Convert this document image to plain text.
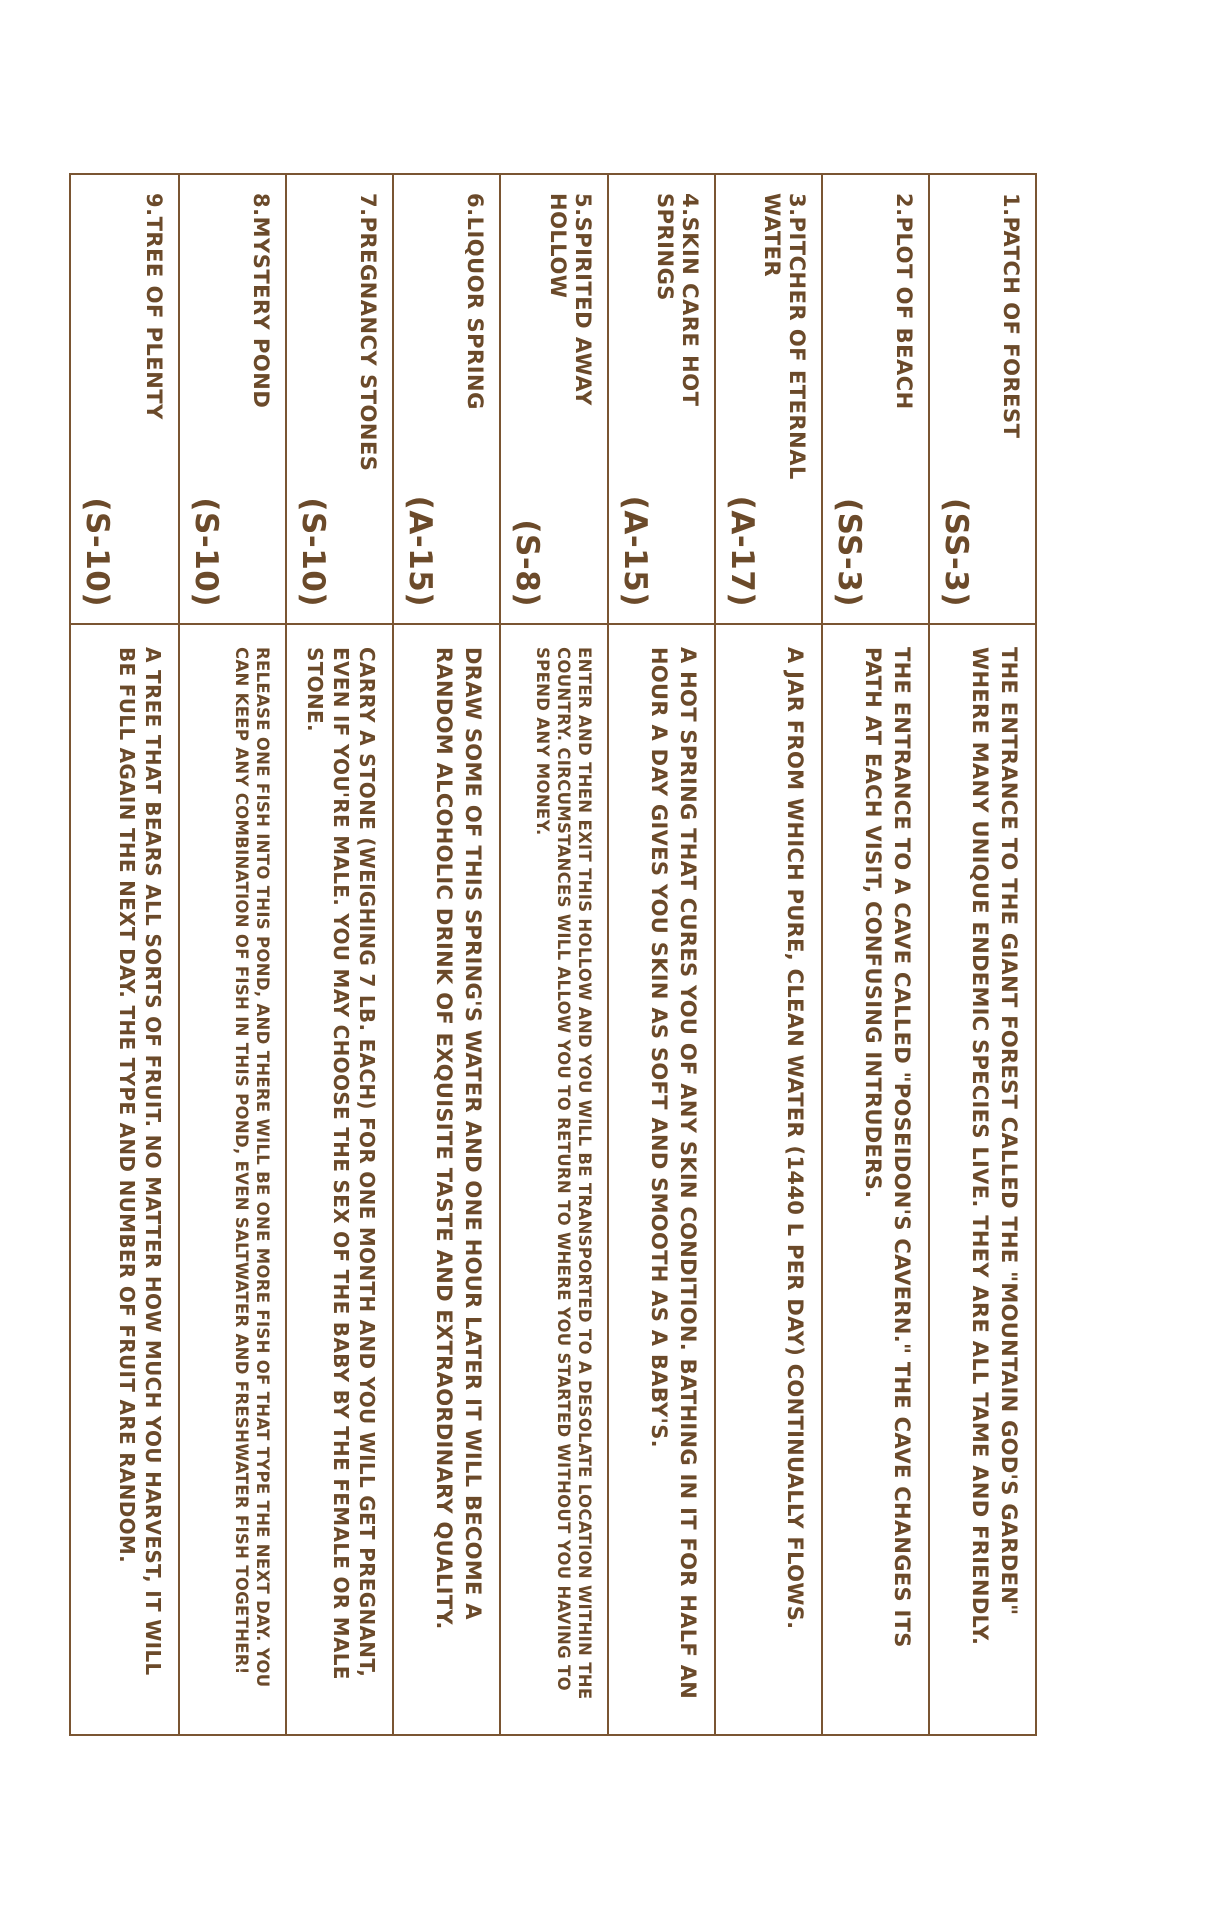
1.PATCH OF FOREST
(SS-3)
THE ENTRANCE TO THE GIANT FOREST CALLED THE "MOUNTAIN GOD'S GARDEN" WHERE MANY UNIQUE ENDEMIC SPECIES LIVE. THEY ARE ALL TAME AND FRIENDLY.
2.PLOT OF BEACH
(SS-3)
THE ENTRANCE TO A CAVE CALLED "POSEIDON'S CAVERN." THE CAVE CHANGES ITS PATH AT EACH VISIT, CONFUSING INTRUDERS.
3.PITCHER OF ETERNAL WATER
(A-17)
A JAR FROM WHICH PURE, CLEAN WATER (1440 L PER DAY) CONTINUALLY FLOWS.
4.SKIN CARE HOT SPRINGS
(A-15)
A HOT SPRING THAT CURES YOU OF ANY SKIN CONDITION. BATHING IN IT FOR HALF AN HOUR A DAY GIVES YOU SKIN AS SOFT AND SMOOTH AS A BABY'S.
5.SPIRITED AWAY HOLLOW
(S-8)
ENTER AND THEN EXIT THIS HOLLOW AND YOU WILL BE TRANSPORTED TO A DESOLATE LOCATION WITHIN THE COUNTRY. CIRCUMSTANCES WILL ALLOW YOU TO RETURN TO WHERE YOU STARTED WITHOUT YOU HAVING TO SPEND ANY MONEY.
6.LIQUOR SPRING
(A-15)
DRAW SOME OF THIS SPRING'S WATER AND ONE HOUR LATER IT WILL BECOME A RANDOM ALCOHOLIC DRINK OF EXQUISITE TASTE AND EXTRAORDINARY QUALITY.
7.PREGNANCY STONES
(S-10)
CARRY A STONE (WEIGHING 7 LB. EACH) FOR ONE MONTH AND YOU WILL GET PREGNANT, EVEN IF YOU'RE MALE. YOU MAY CHOOSE THE SEX OF THE BABY BY THE FEMALE OR MALE STONE.
8.MYSTERY POND
(S-10)
RELEASE ONE FISH INTO THIS POND, AND THERE WILL BE ONE MORE FISH OF THAT TYPE THE NEXT DAY. YOU CAN KEEP ANY COMBINATION OF FISH IN THIS POND, EVEN SALTWATER AND FRESHWATER FISH TOGETHER!
9.TREE OF PLENTY
(S-10)
A TREE THAT BEARS ALL SORTS OF FRUIT. NO MATTER HOW MUCH YOU HARVEST, IT WILL BE FULL AGAIN THE NEXT DAY. THE TYPE AND NUMBER OF FRUIT ARE RANDOM.
